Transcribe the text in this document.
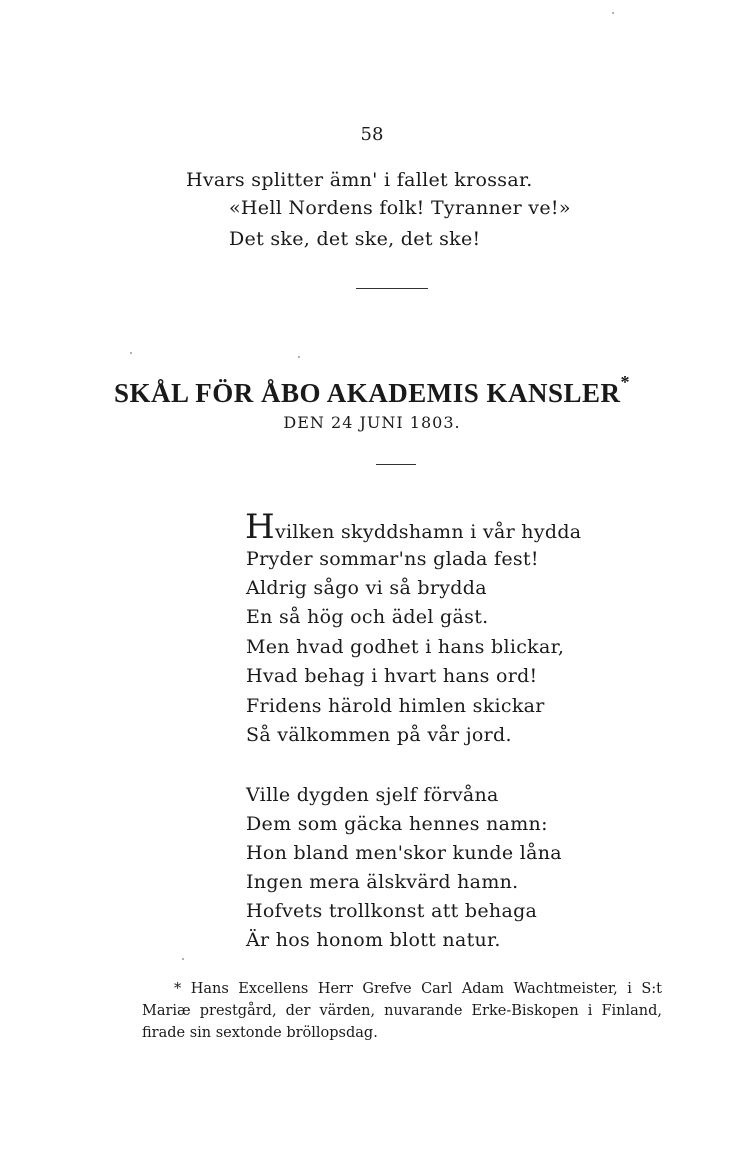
58
Hvars splitter ämn' i fallet krossar.
«Hell Nordens folk! Tyranner ve!»
Det ske, det ske, det ske!
SKÅL FÖR ÅBO AKADEMIS KANSLER*
DEN 24 JUNI 1803.
Hvilken skyddshamn i vår hydda
Pryder sommar'ns glada fest!
Aldrig sågo vi så brydda
En så hög och ädel gäst.
Men hvad godhet i hans blickar,
Hvad behag i hvart hans ord!
Fridens härold himlen skickar
Så välkommen på vår jord.
Ville dygden sjelf förvåna
Dem som gäcka hennes namn:
Hon bland men'skor kunde låna
Ingen mera älskvärd hamn.
Hofvets trollkonst att behaga
Är hos honom blott natur.
* Hans Excellens Herr Grefve Carl Adam Wachtmeister, i S:t Mariæ prestgård, der värden, nuvarande Erke-Biskopen i Finland, firade sin sextonde bröllopsdag.
